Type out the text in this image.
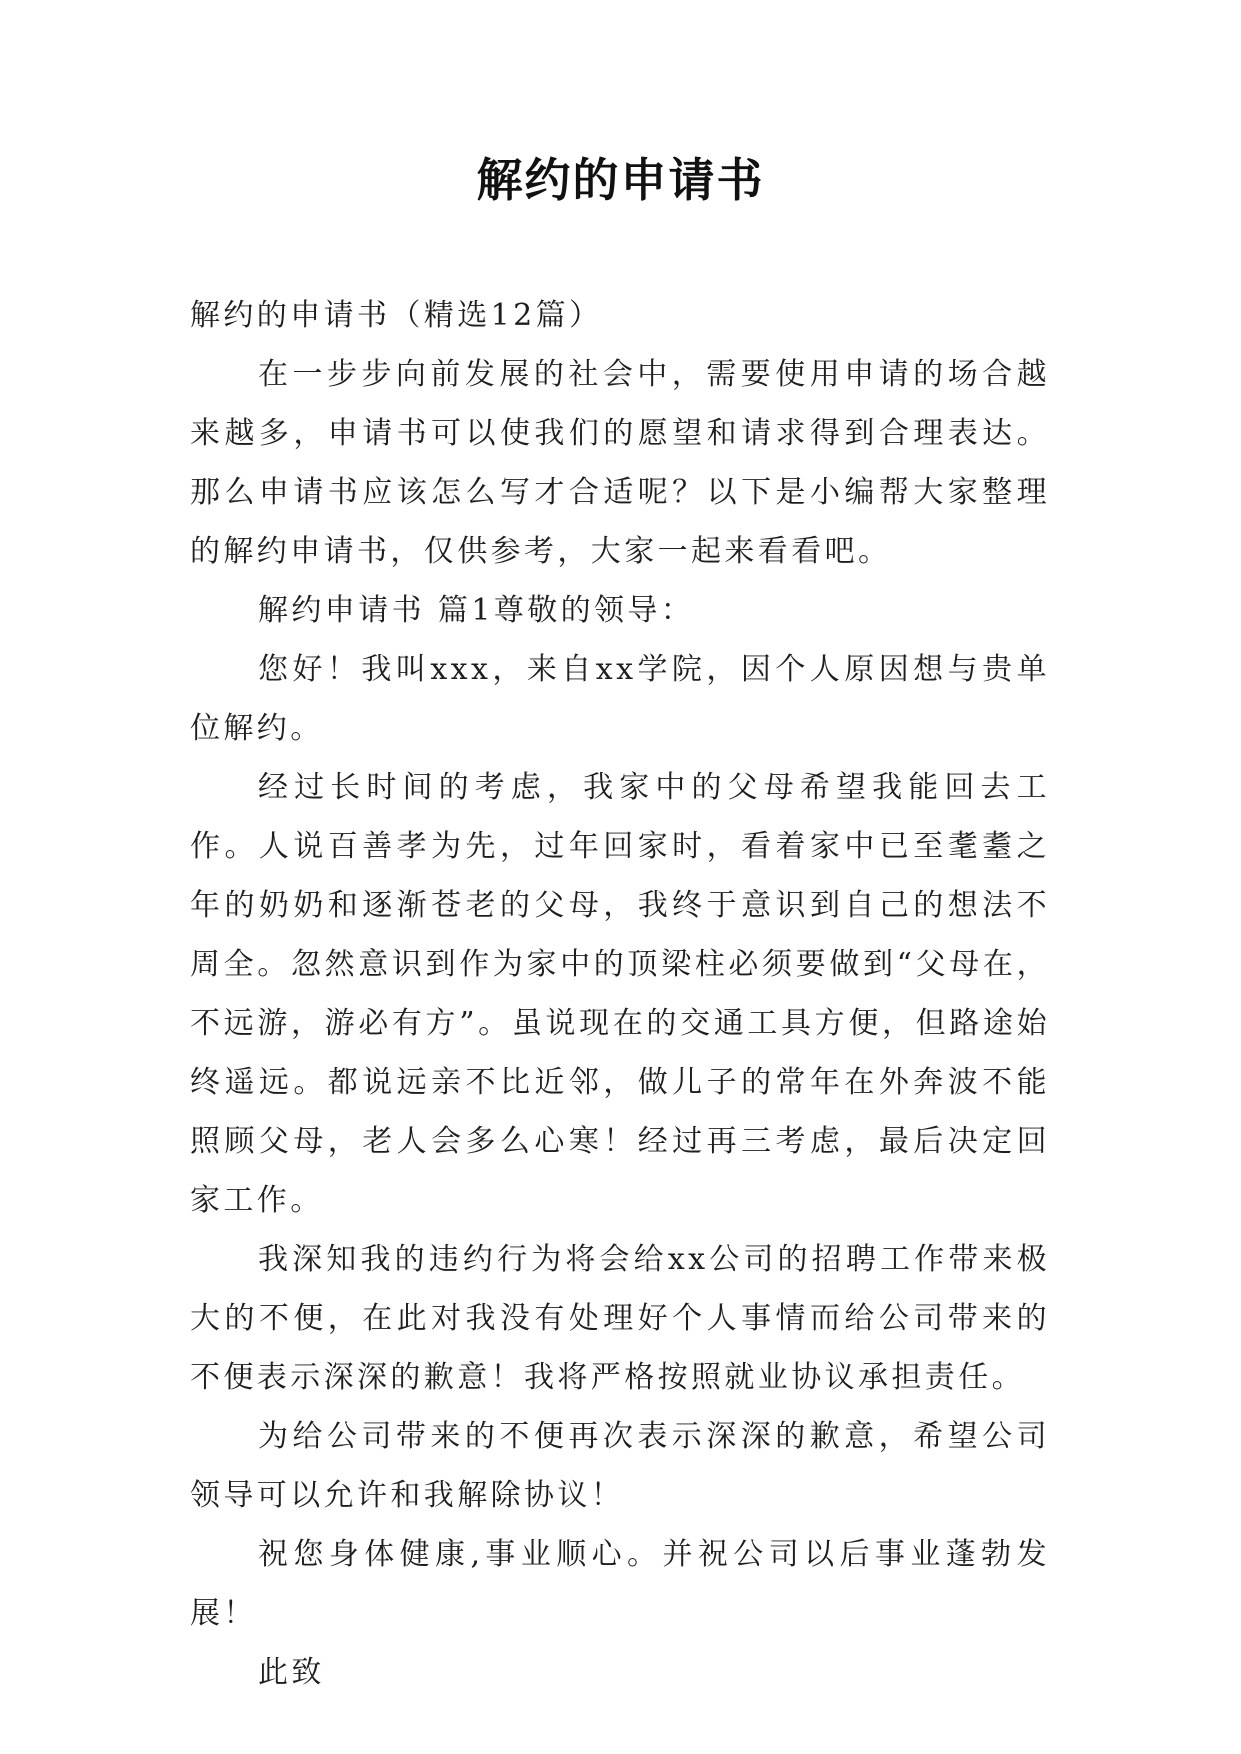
解约的申请书

解约的申请书（精选12篇）

在一步步向前发展的社会中，需要使用申请的场合越来越多，申请书可以使我们的愿望和请求得到合理表达。那么申请书应该怎么写才合适呢？以下是小编帮大家整理的解约申请书，仅供参考，大家一起来看看吧。

解约申请书 篇1尊敬的领导：

您好！我叫xxx，来自xx学院，因个人原因想与贵单位解约。

经过长时间的考虑，我家中的父母希望我能回去工作。人说百善孝为先，过年回家时，看着家中已至耄耋之年的奶奶和逐渐苍老的父母，我终于意识到自己的想法不周全。忽然意识到作为家中的顶梁柱必须要做到“父母在，不远游，游必有方”。虽说现在的交通工具方便，但路途始终遥远。都说远亲不比近邻，做儿子的常年在外奔波不能照顾父母，老人会多么心寒！经过再三考虑，最后决定回家工作。

我深知我的违约行为将会给xx公司的招聘工作带来极大的不便，在此对我没有处理好个人事情而给公司带来的不便表示深深的歉意！我将严格按照就业协议承担责任。

为给公司带来的不便再次表示深深的歉意，希望公司领导可以允许和我解除协议！

祝您身体健康,事业顺心。并祝公司以后事业蓬勃发展！

此致
